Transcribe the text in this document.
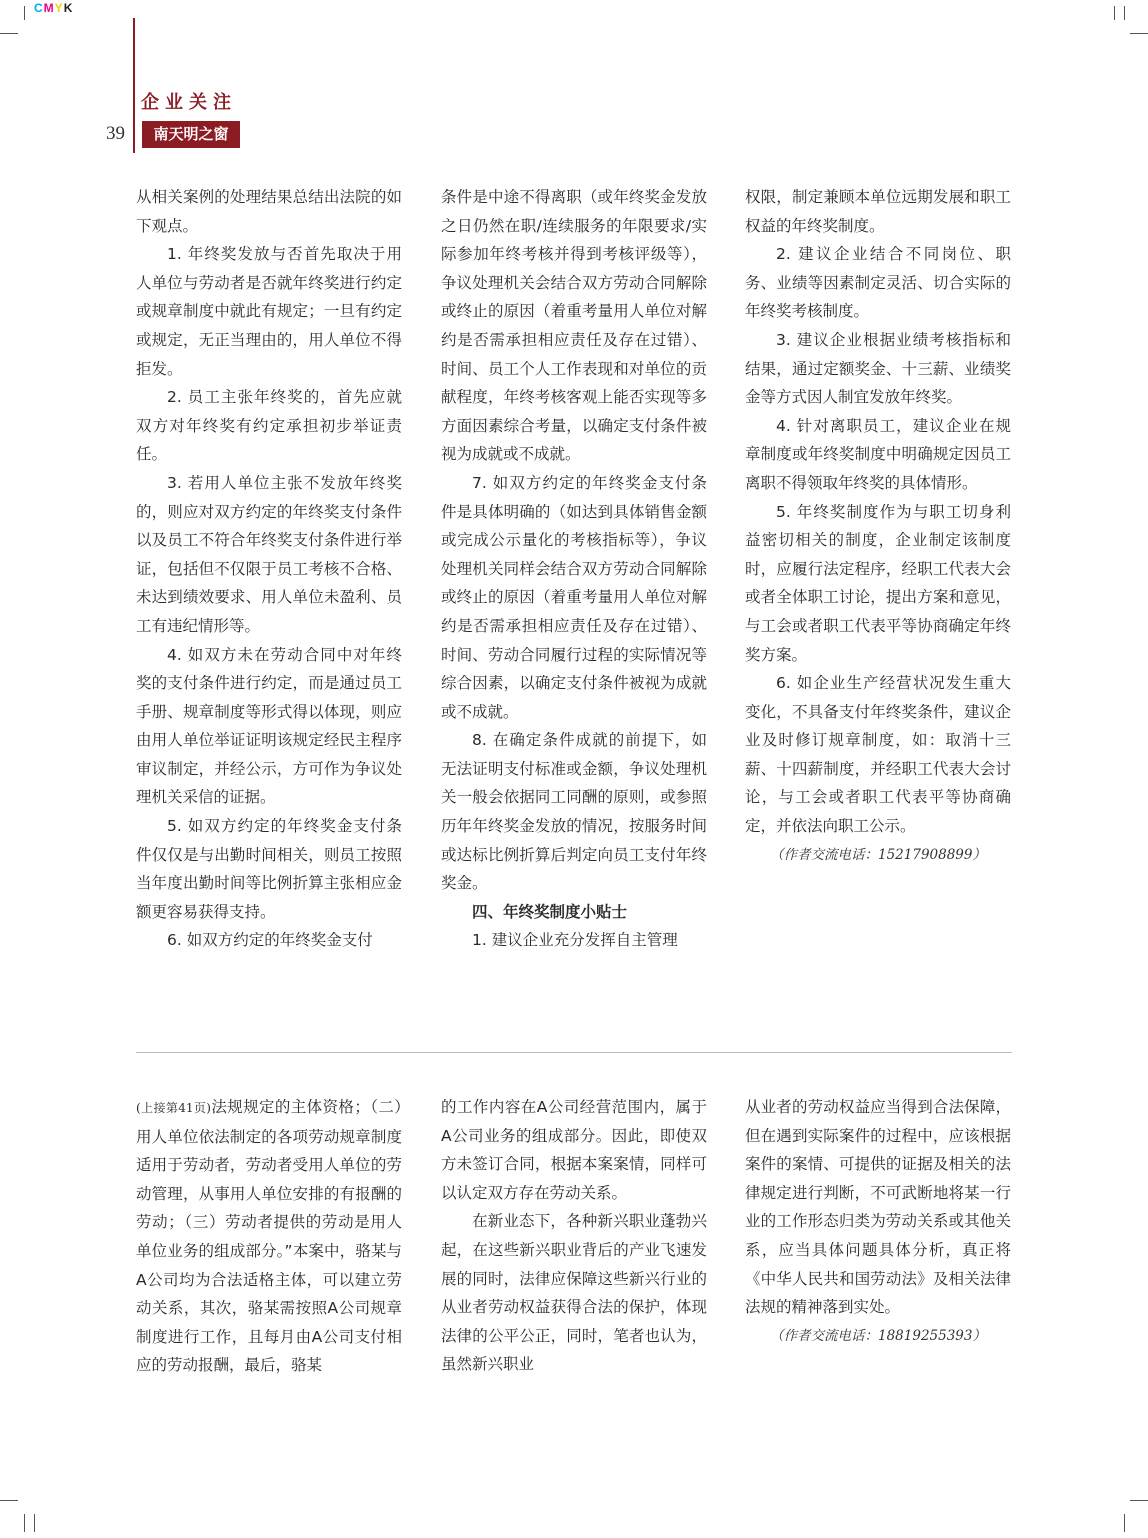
CMYK
企业关注
39	南天明之窗

从相关案例的处理结果总结出法院的如下观点。

1. 年终奖发放与否首先取决于用人单位与劳动者是否就年终奖进行约定或规章制度中就此有规定；一旦有约定或规定，无正当理由的，用人单位不得拒发。

2. 员工主张年终奖的，首先应就双方对年终奖有约定承担初步举证责任。

3. 若用人单位主张不发放年终奖的，则应对双方约定的年终奖支付条件以及员工不符合年终奖支付条件进行举证，包括但不仅限于员工考核不合格、未达到绩效要求、用人单位未盈利、员工有违纪情形等。

4. 如双方未在劳动合同中对年终奖的支付条件进行约定，而是通过员工手册、规章制度等形式得以体现，则应由用人单位举证证明该规定经民主程序审议制定，并经公示，方可作为争议处理机关采信的证据。

5. 如双方约定的年终奖金支付条件仅仅是与出勤时间相关，则员工按照当年度出勤时间等比例折算主张相应金额更容易获得支持。

6. 如双方约定的年终奖金支付

条件是中途不得离职（或年终奖金发放之日仍然在职/连续服务的年限要求/实际参加年终考核并得到考核评级等），争议处理机关会结合双方劳动合同解除或终止的原因（着重考量用人单位对解约是否需承担相应责任及存在过错）、时间、员工个人工作表现和对单位的贡献程度，年终考核客观上能否实现等多方面因素综合考量，以确定支付条件被视为成就或不成就。

7. 如双方约定的年终奖金支付条件是具体明确的（如达到具体销售金额或完成公示量化的考核指标等），争议处理机关同样会结合双方劳动合同解除或终止的原因（着重考量用人单位对解约是否需承担相应责任及存在过错）、时间、劳动合同履行过程的实际情况等综合因素，以确定支付条件被视为成就或不成就。

8. 在确定条件成就的前提下，如无法证明支付标准或金额，争议处理机关一般会依据同工同酬的原则，或参照历年年终奖金发放的情况，按服务时间或达标比例折算后判定向员工支付年终奖金。

四、年终奖制度小贴士

1. 建议企业充分发挥自主管理

权限，制定兼顾本单位远期发展和职工权益的年终奖制度。

2. 建议企业结合不同岗位、职务、业绩等因素制定灵活、切合实际的年终奖考核制度。

3. 建议企业根据业绩考核指标和结果，通过定额奖金、十三薪、业绩奖金等方式因人制宜发放年终奖。

4. 针对离职员工，建议企业在规章制度或年终奖制度中明确规定因员工离职不得领取年终奖的具体情形。

5. 年终奖制度作为与职工切身利益密切相关的制度，企业制定该制度时，应履行法定程序，经职工代表大会或者全体职工讨论，提出方案和意见，与工会或者职工代表平等协商确定年终奖方案。

6. 如企业生产经营状况发生重大变化，不具备支付年终奖条件，建议企业及时修订规章制度，如：取消十三薪、十四薪制度，并经职工代表大会讨论，与工会或者职工代表平等协商确定，并依法向职工公示。

（作者交流电话：15217908899）

(上接第41页)法规规定的主体资格；（二）用人单位依法制定的各项劳动规章制度适用于劳动者，劳动者受用人单位的劳动管理，从事用人单位安排的有报酬的劳动；（三）劳动者提供的劳动是用人单位业务的组成部分。”本案中，骆某与A公司均为合法适格主体，可以建立劳动关系，其次，骆某需按照A公司规章制度进行工作，且每月由A公司支付相应的劳动报酬，最后，骆某

的工作内容在A公司经营范围内，属于A公司业务的组成部分。因此，即使双方未签订合同，根据本案案情，同样可以认定双方存在劳动关系。

在新业态下，各种新兴职业蓬勃兴起，在这些新兴职业背后的产业飞速发展的同时，法律应保障这些新兴行业的从业者劳动权益获得合法的保护，体现法律的公平公正，同时，笔者也认为，虽然新兴职业

从业者的劳动权益应当得到合法保障，但在遇到实际案件的过程中，应该根据案件的案情、可提供的证据及相关的法律规定进行判断，不可武断地将某一行业的工作形态归类为劳动关系或其他关系，应当具体问题具体分析，真正将《中华人民共和国劳动法》及相关法律法规的精神落到实处。

（作者交流电话：18819255393）
